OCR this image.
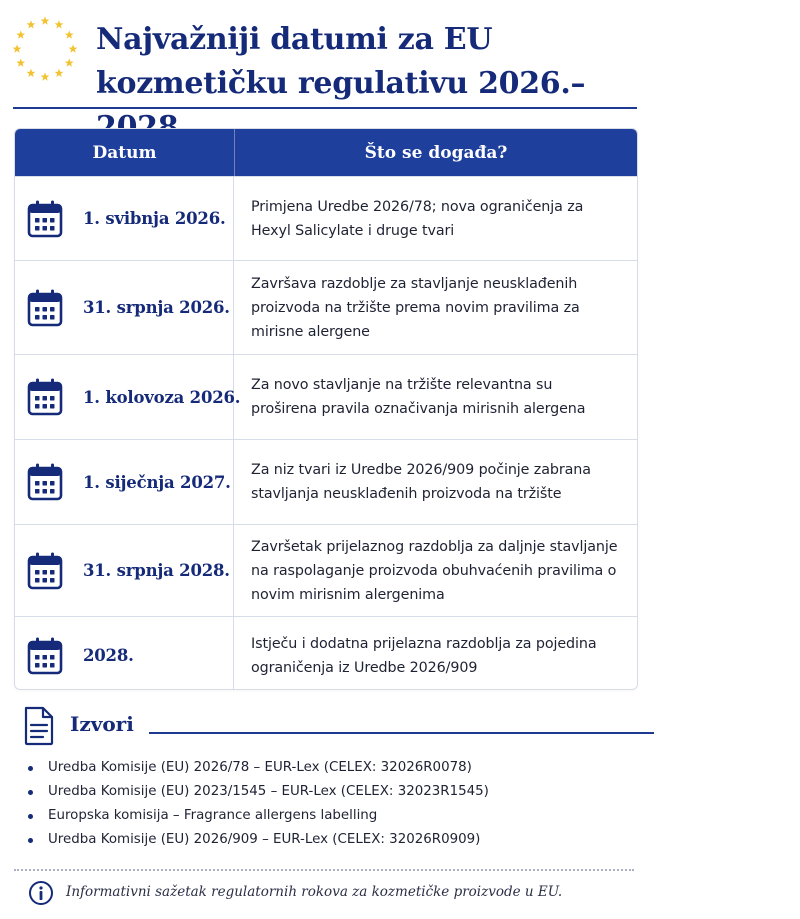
Najvažniji datumi za EU
kozmetičku regulativu 2026.–
Datum	Što se događa?
1. svibnja 2026.
Primjena Uredbe 2026/78; nova ograničenja za Hexyl Salicylate i druge tvari
31. srpnja 2026.
Završava razdoblje za stavljanje neusklađenih proizvoda na tržište prema novim pravilima za mirisne alergene
1. kolovoza 2026.
Za novo stavljanje na tržište relevantna su proširena pravila označivanja mirisnih alergena
1. siječnja 2027.
Za niz tvari iz Uredbe 2026/909 počinje zabrana stavljanja neusklađenih proizvoda na tržište
31. srpnja 2028.
Završetak prijelaznog razdoblja za daljnje stavljanje na raspolaganje proizvoda obuhvaćenih pravilima o novim mirisnim alergenima
2028.
Istječu i dodatna prijelazna razdoblja za pojedina ograničenja iz Uredbe 2026/909
Izvori
Uredba Komisije (EU) 2026/78 – EUR-Lex (CELEX: 32026R0078)
Uredba Komisije (EU) 2023/1545 – EUR-Lex (CELEX: 32023R1545)
Europska komisija – Fragrance allergens labelling
Uredba Komisije (EU) 2026/909 – EUR-Lex (CELEX: 32026R0909)
Informativni sažetak regulatornih rokova za kozmetičke proizvode u EU.
